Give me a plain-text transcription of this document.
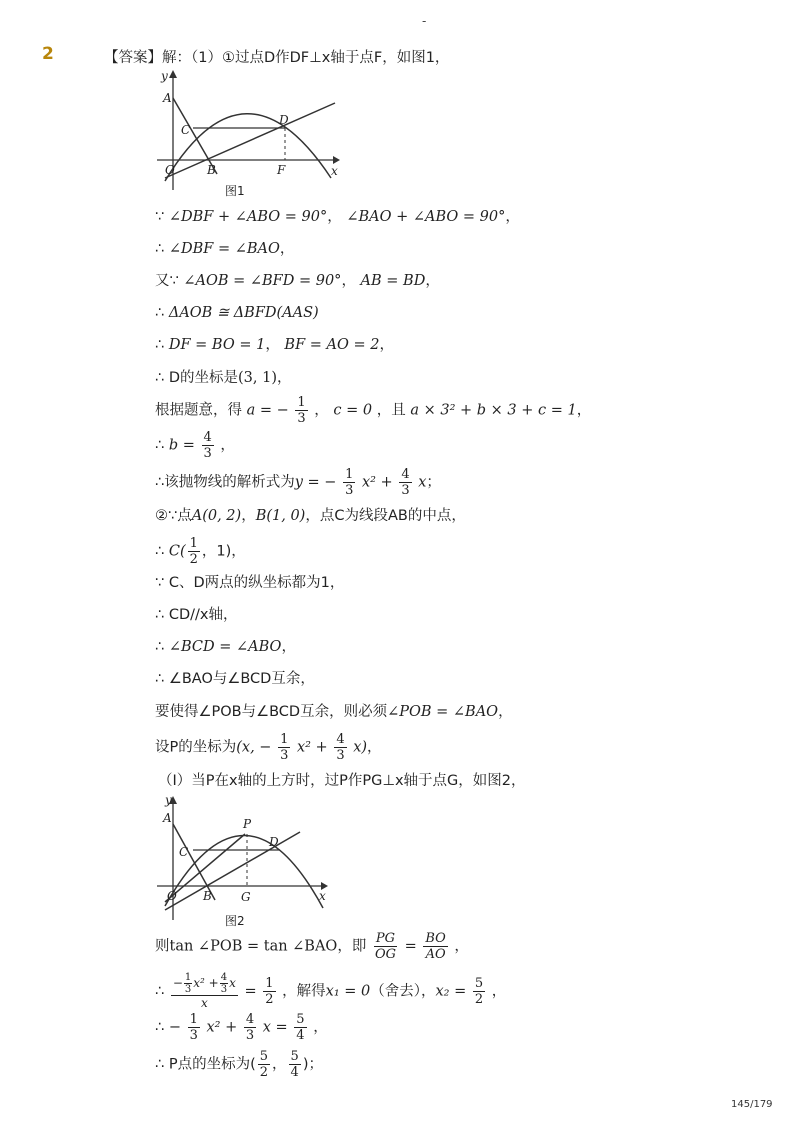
-
2	【答案】解：（1）①过点D作DF⊥x轴于点F，如图1，
y
x
A
C
D
O	B	F
图1
∵ ∠DBF + ∠ABO = 90°， ∠BAO + ∠ABO = 90°，
∴ ∠DBF = ∠BAO，
又∵ ∠AOB = ∠BFD = 90°， AB = BD，
∴ ΔAOB ≅ ΔBFD(AAS)
∴ DF = BO = 1， BF = AO = 2，
∴ D的坐标是(3, 1)，
根据题意，得 a = − $\frac{1}{3}$ ， c = 0 ，且 a × 3² + b × 3 + c = 1，
∴ $b = \frac{4}{3}$ ，
∴该抛物线的解析式为y = − $\frac{1}{3} x^2 + \frac{4}{3}$ x；
②∵点A(0, 2)，B(1, 0)，点C为线段AB的中点，
∴ $C( \frac{1}{2}$ ，1)，
∵ C、D两点的纵坐标都为1，
∴ CD//x轴，
∴ ∠BCD = ∠ABO，
∴ ∠BAO与∠BCD互余，
要使得∠POB与∠BCD互余，则必须∠POB = ∠BAO，
设P的坐标为(x, − $\frac{1}{3} x^2 + \frac{4}{3} x$)，
（Ⅰ）当P在x轴的上方时，过P作PG⊥x轴于点G，如图2，
y
x
A
C
P
D
O B G
图2
则tan ∠POB = tan ∠BAO，即 $\frac{PG}{OG} = \frac{BO}{AO}$ ，
∴ $\frac{- \frac{1}{3} x^2 + \frac{4}{3} x}{x} = \frac{1}{2}$ ，解得x₁ = 0（舍去），$x_2 = \frac{5}{2}$ ，
∴ − $\frac{1}{3} x^2 + \frac{4}{3}$ $x = \frac{5}{4}$ ，
∴ P点的坐标为( $\frac{5}{2}$ ， $\frac{5}{4}$ )；
145/179
